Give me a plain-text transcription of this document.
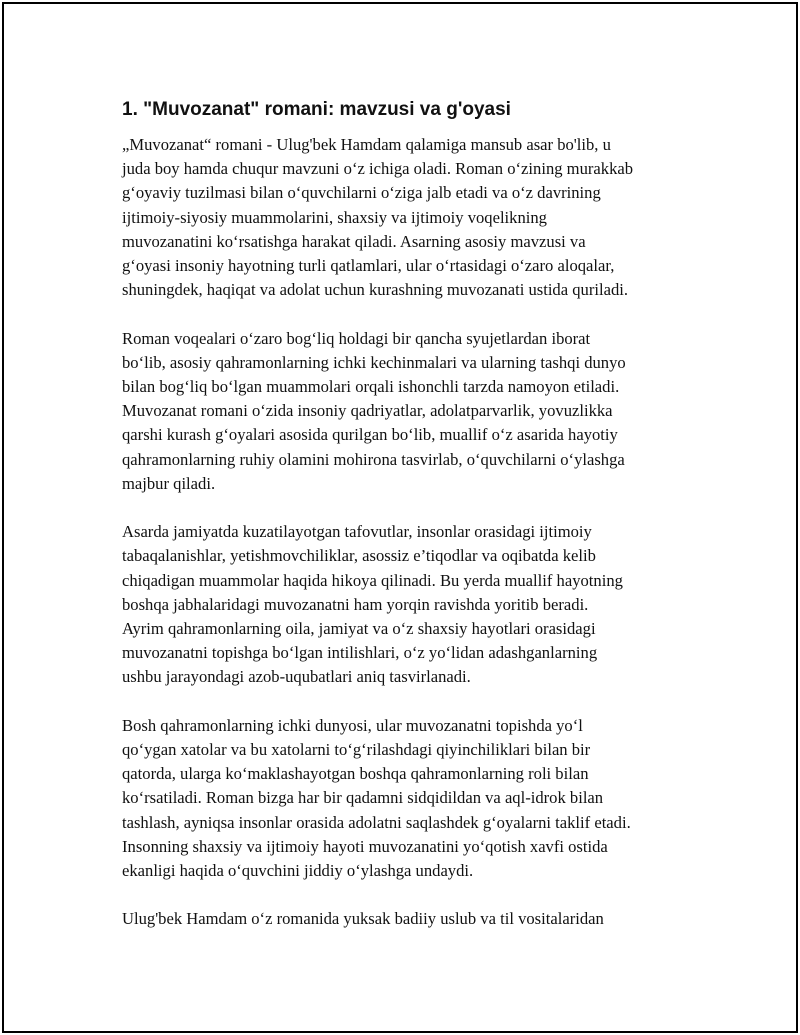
1. "Muvozanat" romani: mavzusi va g'oyasi

„Muvozanat“ romani - Ulug'bek Hamdam qalamiga mansub asar bo'lib, u
juda boy hamda chuqur mavzuni o‘z ichiga oladi. Roman o‘zining murakkab
g‘oyaviy tuzilmasi bilan o‘quvchilarni o‘ziga jalb etadi va o‘z davrining
ijtimoiy-siyosiy muammolarini, shaxsiy va ijtimoiy voqelikning
muvozanatini ko‘rsatishga harakat qiladi. Asarning asosiy mavzusi va
g‘oyasi insoniy hayotning turli qatlamlari, ular o‘rtasidagi o‘zaro aloqalar,
shuningdek, haqiqat va adolat uchun kurashning muvozanati ustida quriladi.

Roman voqealari o‘zaro bog‘liq holdagi bir qancha syujetlardan iborat
bo‘lib, asosiy qahramonlarning ichki kechinmalari va ularning tashqi dunyo
bilan bog‘liq bo‘lgan muammolari orqali ishonchli tarzda namoyon etiladi.
Muvozanat romani o‘zida insoniy qadriyatlar, adolatparvarlik, yovuzlikka
qarshi kurash g‘oyalari asosida qurilgan bo‘lib, muallif o‘z asarida hayotiy
qahramonlarning ruhiy olamini mohirona tasvirlab, o‘quvchilarni o‘ylashga
majbur qiladi.

Asarda jamiyatda kuzatilayotgan tafovutlar, insonlar orasidagi ijtimoiy
tabaqalanishlar, yetishmovchiliklar, asossiz e’tiqodlar va oqibatda kelib
chiqadigan muammolar haqida hikoya qilinadi. Bu yerda muallif hayotning
boshqa jabhalaridagi muvozanatni ham yorqin ravishda yoritib beradi.
Ayrim qahramonlarning oila, jamiyat va o‘z shaxsiy hayotlari orasidagi
muvozanatni topishga bo‘lgan intilishlari, o‘z yo‘lidan adashganlarning
ushbu jarayondagi azob-uqubatlari aniq tasvirlanadi.

Bosh qahramonlarning ichki dunyosi, ular muvozanatni topishda yo‘l
qo‘ygan xatolar va bu xatolarni to‘g‘rilashdagi qiyinchiliklari bilan bir
qatorda, ularga ko‘maklashayotgan boshqa qahramonlarning roli bilan
ko‘rsatiladi. Roman bizga har bir qadamni sidqidildan va aql-idrok bilan
tashlash, ayniqsa insonlar orasida adolatni saqlashdek g‘oyalarni taklif etadi.
Insonning shaxsiy va ijtimoiy hayoti muvozanatini yo‘qotish xavfi ostida
ekanligi haqida o‘quvchini jiddiy o‘ylashga undaydi.

Ulug'bek Hamdam o‘z romanida yuksak badiiy uslub va til vositalaridan
